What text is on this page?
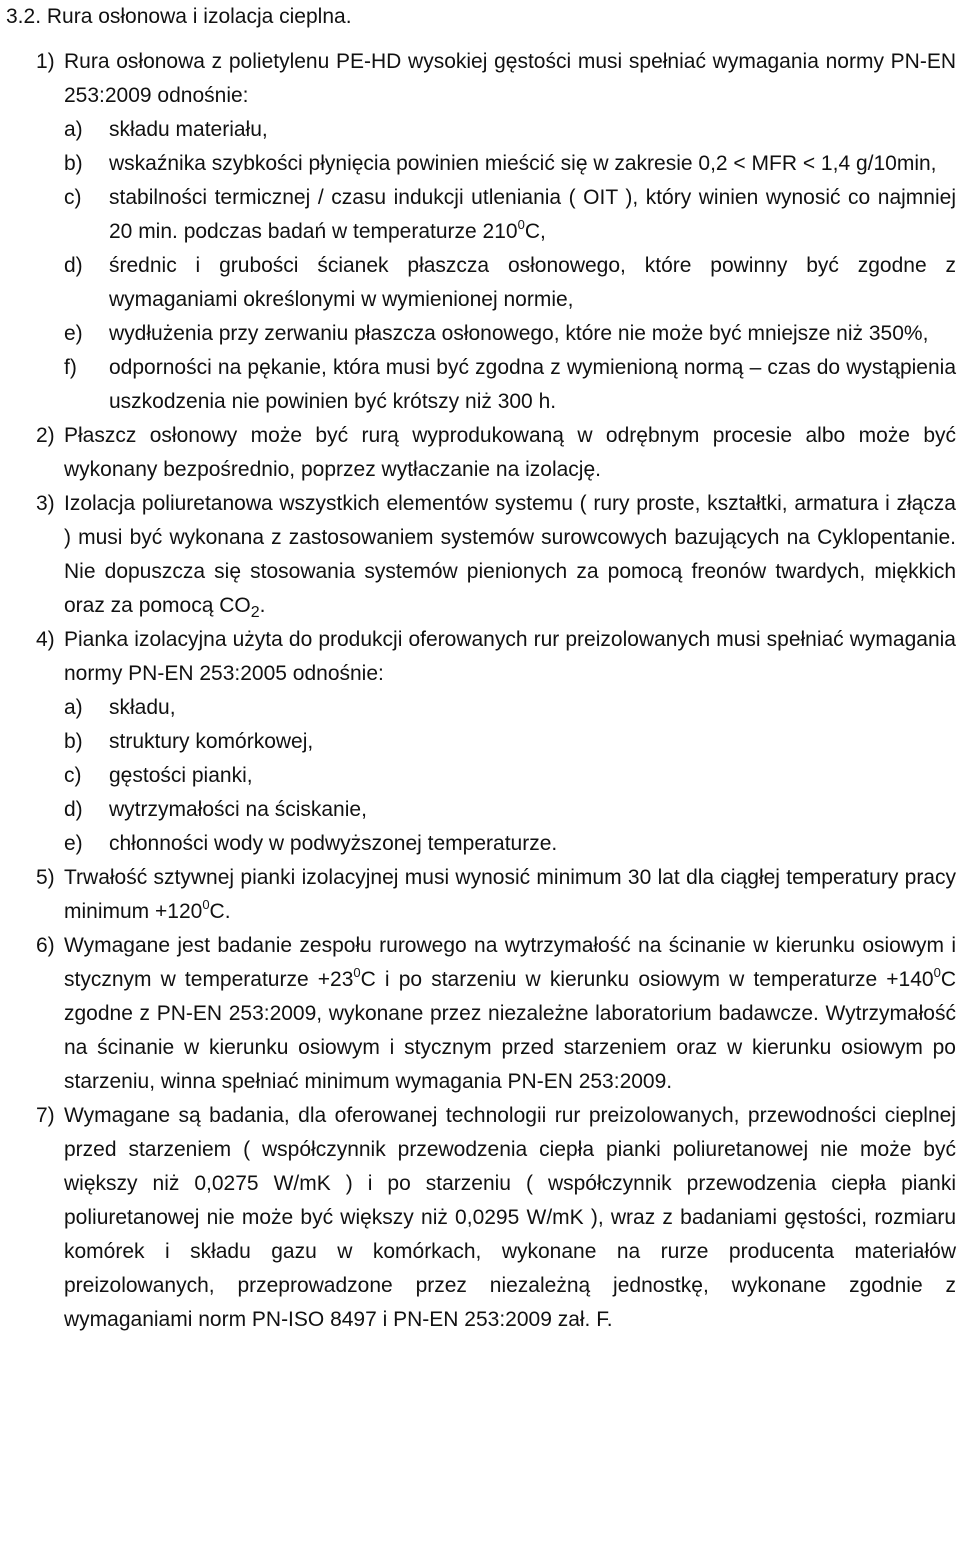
3.2. Rura osłonowa i izolacja cieplna.
1) Rura osłonowa z polietylenu PE-HD wysokiej gęstości musi spełniać wymagania normy PN-EN 253:2009 odnośnie:
a)	składu materiału,
b)	wskaźnika szybkości płynięcia powinien mieścić się w zakresie 0,2 < MFR < 1,4 g/10min,
c)	stabilności termicznej / czasu indukcji utleniania ( OIT ), który winien wynosić co najmniej 20 min. podczas badań w temperaturze $210^0C$,
d)	średnic i grubości ścianek płaszcza osłonowego, które powinny być zgodne z wymaganiami określonymi w wymienionej normie,
e)	wydłużenia przy zerwaniu płaszcza osłonowego, które nie może być mniejsze niż 350%,
f)	odporności na pękanie, która musi być zgodna z wymienioną normą – czas do wystąpienia uszkodzenia nie powinien być krótszy niż 300 h.
2) Płaszcz osłonowy może być rurą wyprodukowaną w odrębnym procesie albo może być wykonany bezpośrednio, poprzez wytłaczanie na izolację.
3) Izolacja poliuretanowa wszystkich elementów systemu ( rury proste, kształtki, armatura i złącza ) musi być wykonana z zastosowaniem systemów surowcowych bazujących na Cyklopentanie. Nie dopuszcza się stosowania systemów pienionych za pomocą freonów twardych, miękkich oraz za pomocą $CO_2$.
4) Pianka izolacyjna użyta do produkcji oferowanych rur preizolowanych musi spełniać wymagania normy PN-EN 253:2005 odnośnie:
a)	składu,
b)	struktury komórkowej,
c)	gęstości pianki,
d)	wytrzymałości na ściskanie,
e)	chłonności wody w podwyższonej temperaturze.
5) Trwałość sztywnej pianki izolacyjnej musi wynosić minimum 30 lat dla ciągłej temperatury pracy minimum $+120^0C$.
6) Wymagane jest badanie zespołu rurowego na wytrzymałość na ścinanie w kierunku osiowym i stycznym w temperaturze $+23^0C$ i po starzeniu w kierunku osiowym w temperaturze $+140^0C$ zgodne z PN-EN 253:2009, wykonane przez niezależne laboratorium badawcze. Wytrzymałość na ścinanie w kierunku osiowym i stycznym przed starzeniem oraz w kierunku osiowym po starzeniu, winna spełniać minimum wymagania PN-EN 253:2009.
7) Wymagane są badania, dla oferowanej technologii rur preizolowanych, przewodności cieplnej przed starzeniem ( współczynnik przewodzenia ciepła pianki poliuretanowej nie może być większy niż 0,0275 W/mK ) i po starzeniu ( współczynnik przewodzenia ciepła pianki poliuretanowej nie może być większy niż 0,0295 W/mK ), wraz z badaniami gęstości, rozmiaru komórek i składu gazu w komórkach, wykonane na rurze producenta materiałów preizolowanych, przeprowadzone przez niezależną jednostkę, wykonane zgodnie z wymaganiami norm PN-ISO 8497 i PN-EN 253:2009 zał. F.
